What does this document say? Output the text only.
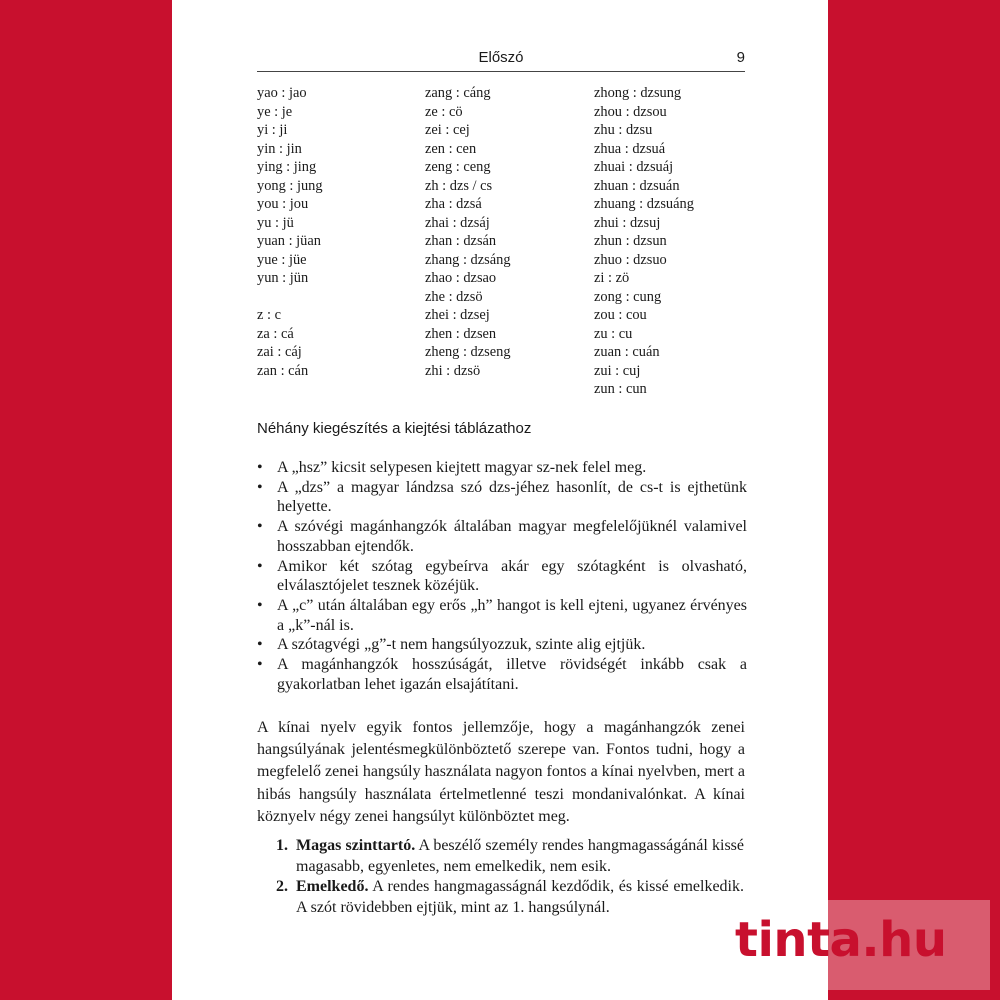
Előszó	9
yao : jao
ye : je
yi : ji
yin : jin
ying : jing
yong : jung
you : jou
yu : jü
yuan : jüan
yue : jüe
yun : jün
z : c
za : cá
zai : cáj
zan : cán
zang : cáng
ze : cö
zei : cej
zen : cen
zeng : ceng
zh : dzs / cs
zha : dzsá
zhai : dzsáj
zhan : dzsán
zhang : dzsáng
zhao : dzsao
zhe : dzsö
zhei : dzsej
zhen : dzsen
zheng : dzseng
zhi : dzsö
zhong : dzsung
zhou : dzsou
zhu : dzsu
zhua : dzsuá
zhuai : dzsuáj
zhuan : dzsuán
zhuang : dzsuáng
zhui : dzsuj
zhun : dzsun
zhuo : dzsuo
zi : zö
zong : cung
zou : cou
zu : cu
zuan : cuán
zui : cuj
zun : cun
Néhány kiegészítés a kiejtési táblázathoz
• A „hsz” kicsit selypesen kiejtett magyar sz-nek felel meg.
• A „dzs” a magyar lándzsa szó dzs-jéhez hasonlít, de cs-t is ejthetünk helyette.
• A szóvégi magánhangzók általában magyar megfelelőjüknél valamivel hosszabban ejtendők.
• Amikor két szótag egybeírva akár egy szótagként is olvasható, elválasztójelet tesznek közéjük.
• A „c” után általában egy erős „h” hangot is kell ejteni, ugyanez érvényes a „k”-nál is.
• A szótagvégi „g”-t nem hangsúlyozzuk, szinte alig ejtjük.
• A magánhangzók hosszúságát, illetve rövidségét inkább csak a gyakorlatban lehet igazán elsajátítani.

A kínai nyelv egyik fontos jellemzője, hogy a magánhangzók zenei hangsúlyának jelentésmegkülönböztető szerepe van. Fontos tudni, hogy a megfelelő zenei hangsúly használata nagyon fontos a kínai nyelvben, mert a hibás hangsúly használata értelmetlenné teszi mondanivalónkat. A kínai köznyelv négy zenei hangsúlyt különböztet meg.

1. Magas szinttartó. A beszélő személy rendes hangmagasságánál kissé magasabb, egyenletes, nem emelkedik, nem esik.
2. Emelkedő. A rendes hangmagasságnál kezdődik, és kissé emelkedik. A szót rövidebben ejtjük, mint az 1. hangsúlynál.
tinta.hu
